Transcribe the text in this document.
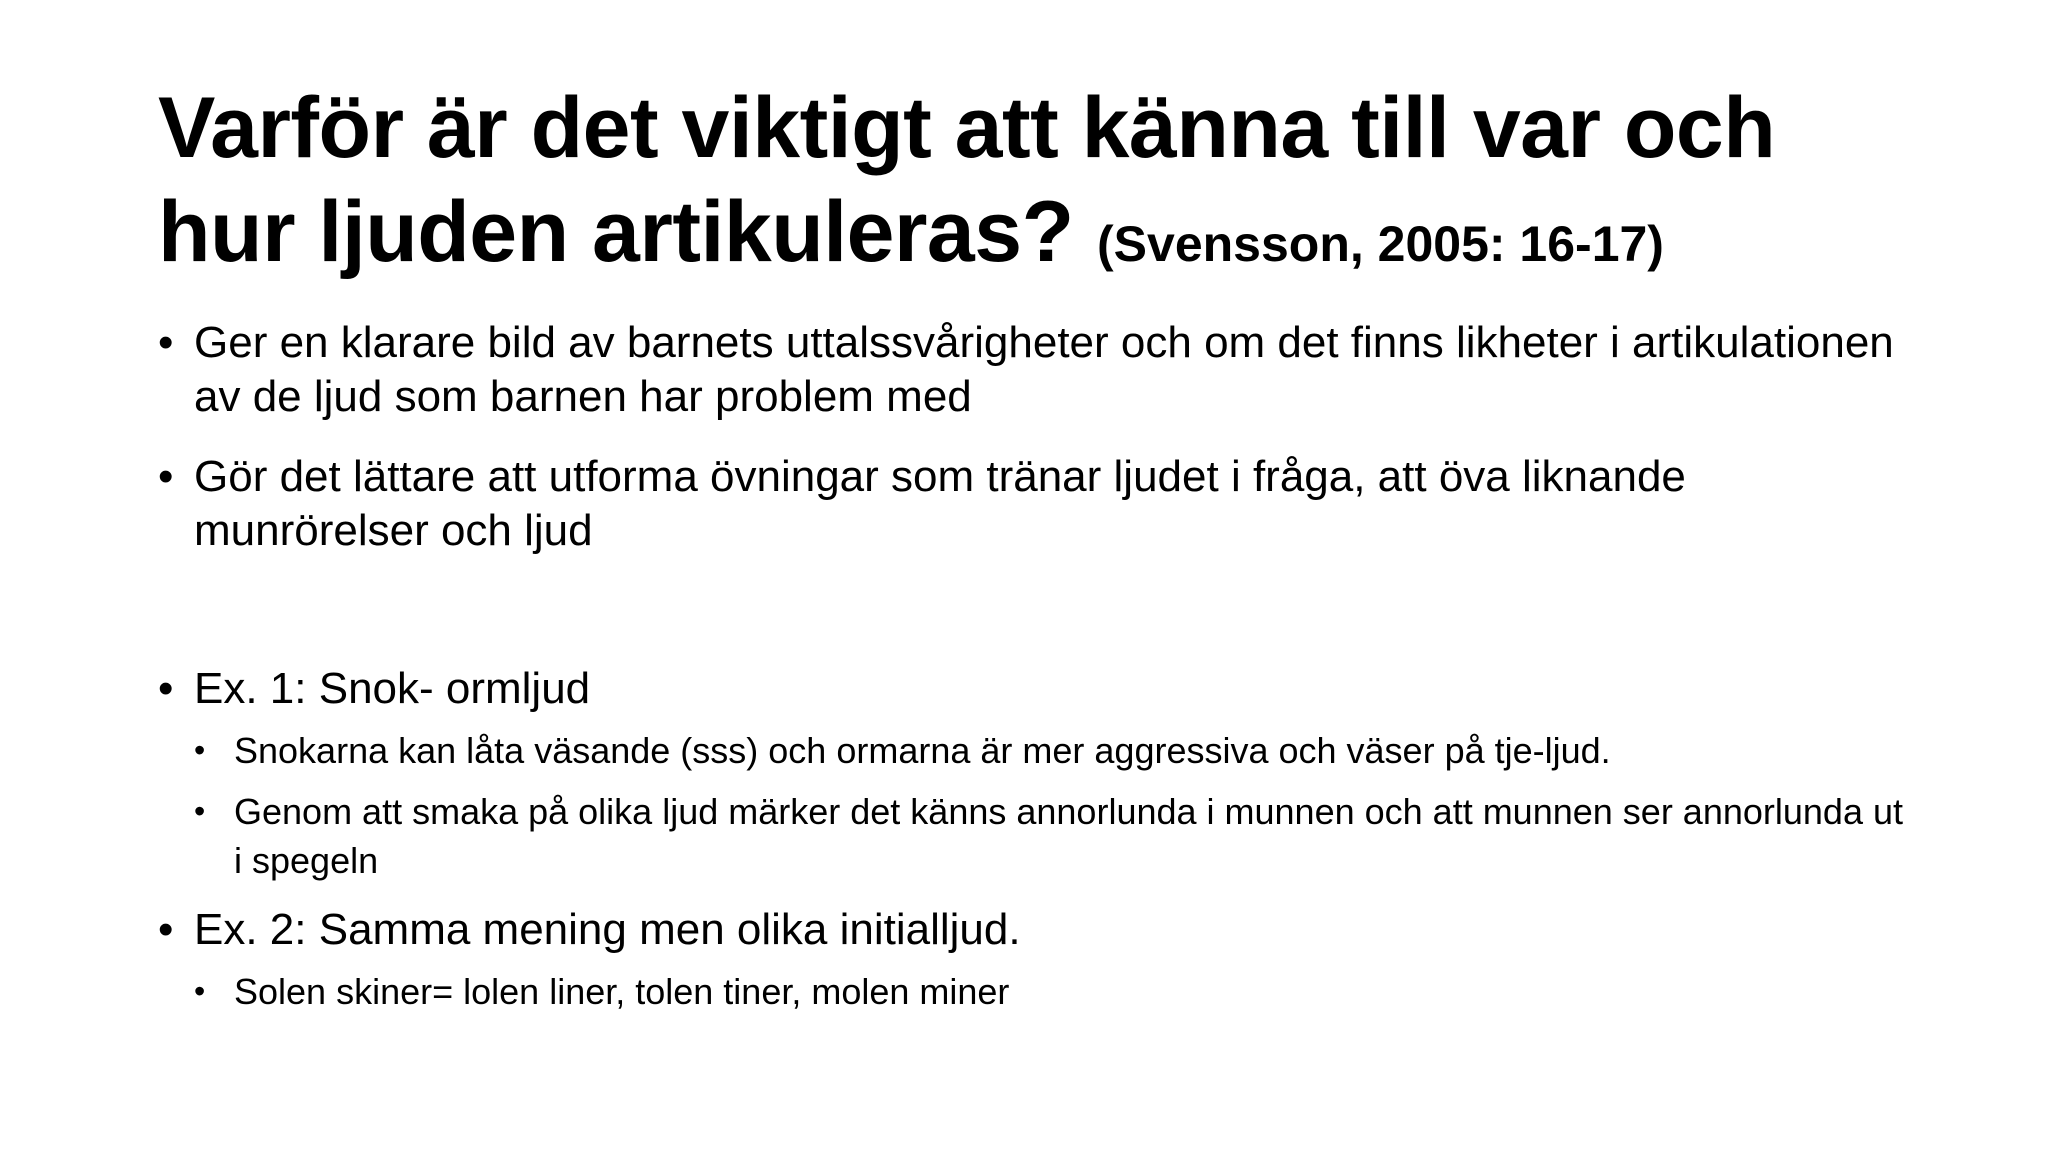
Varför är det viktigt att känna till var och hur ljuden artikuleras? (Svensson, 2005: 16-17)
• Ger en klarare bild av barnets uttalssvårigheter och om det finns likheter i artikulationen av de ljud som barnen har problem med
• Gör det lättare att utforma övningar som tränar ljudet i fråga, att öva liknande munrörelser och ljud
• Ex. 1: Snok- ormljud
• Snokarna kan låta väsande (sss) och ormarna är mer aggressiva och väser på tje-ljud.
• Genom att smaka på olika ljud märker det känns annorlunda i munnen och att munnen ser annorlunda ut i spegeln
• Ex. 2: Samma mening men olika initialljud.
• Solen skiner= lolen liner, tolen tiner, molen miner
